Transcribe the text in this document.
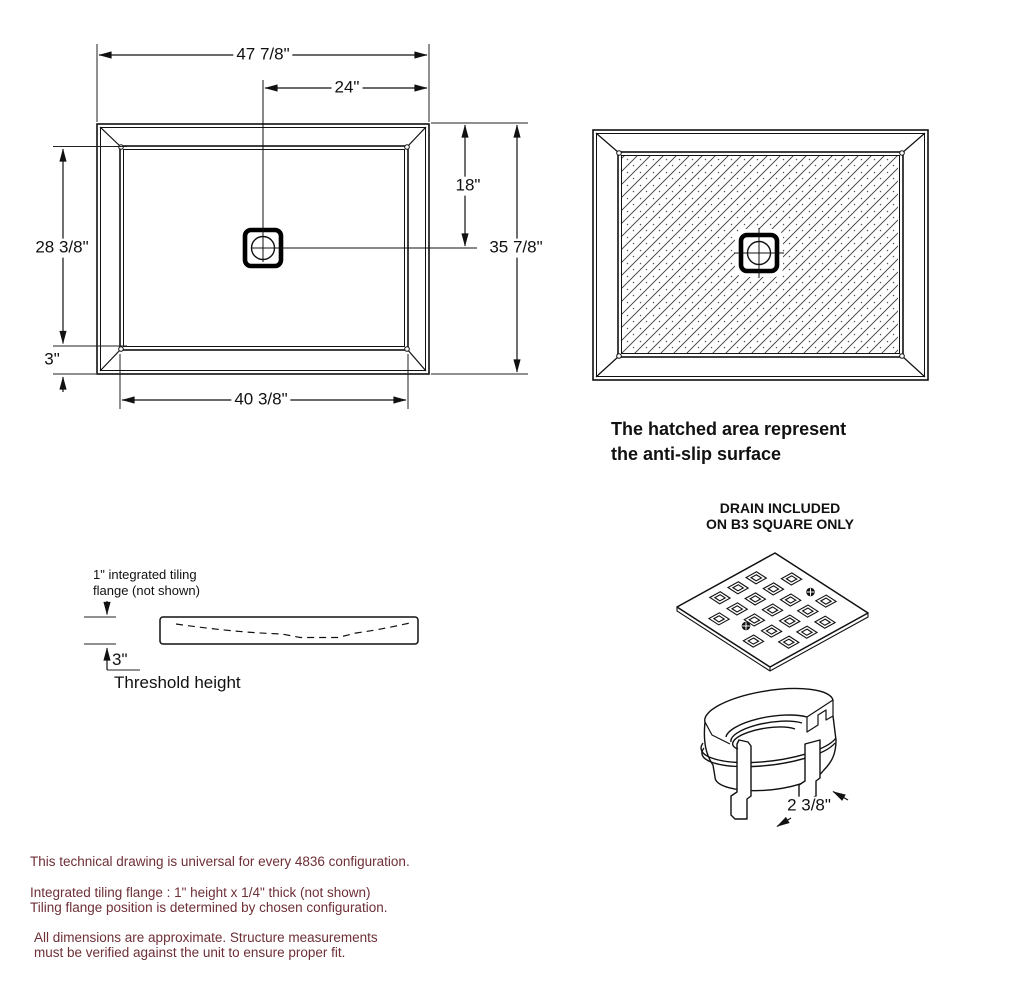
47 7/8"
24"
18"
35 7/8"
28 3/8"
3"
40 3/8"
1" integrated tiling
flange (not shown)
3"
Threshold height
The hatched area represent
the anti-slip surface
DRAIN INCLUDED
ON B3 SQUARE ONLY
2 3/8"
This technical drawing is universal for every 4836 configuration.
Integrated tiling flange : 1" height x 1/4" thick (not shown)
Tiling flange position is determined by chosen configuration.
All dimensions are approximate. Structure measurements
must be verified against the unit to ensure proper fit.
